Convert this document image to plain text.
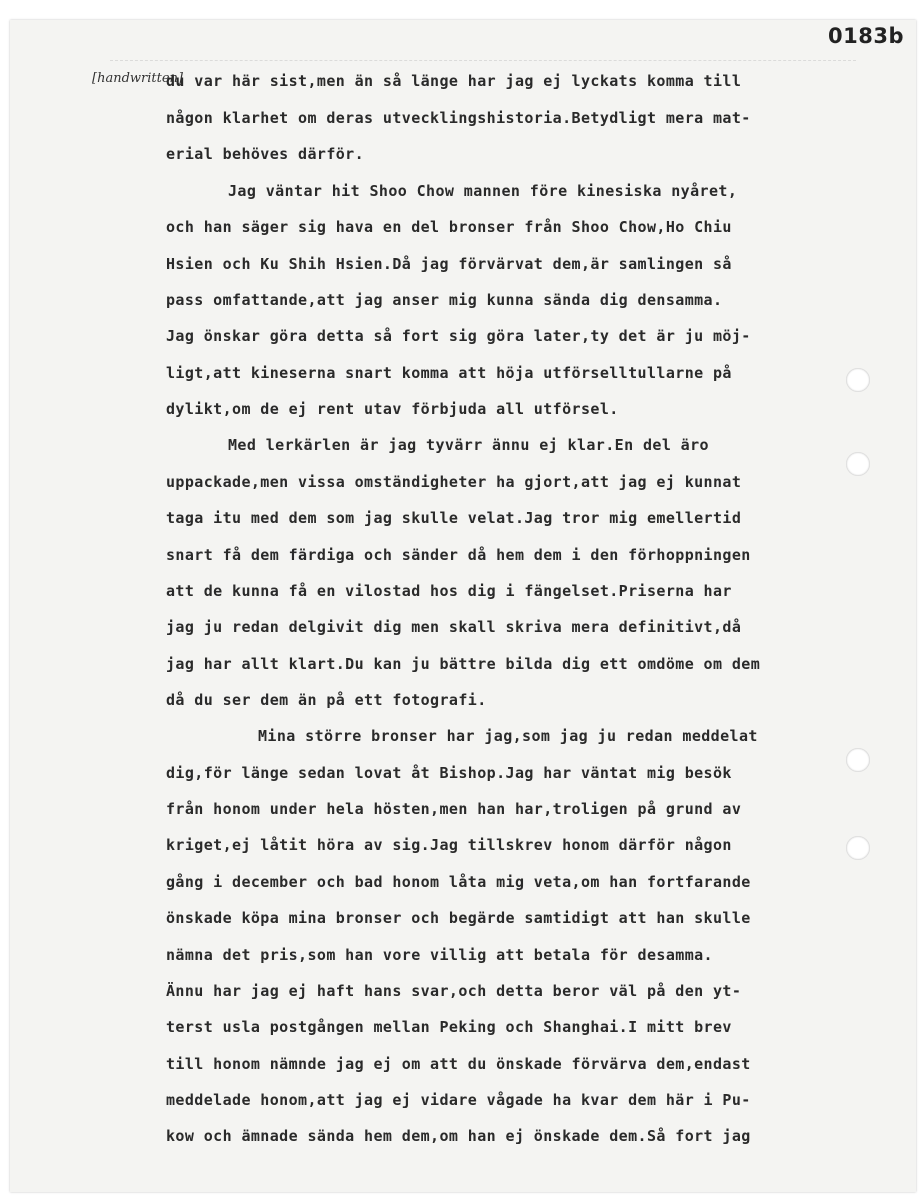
0183b
[handwritten]
du var här sist,men än så länge har jag ej lyckats komma till
någon klarhet om deras utvecklingshistoria.Betydligt mera mat-
erial behöves därför.
Jag väntar hit Shoo Chow mannen före kinesiska nyåret,
och han säger sig hava en del bronser från Shoo Chow,Ho Chiu
Hsien och Ku Shih Hsien.Då jag förvärvat dem,är samlingen så
pass omfattande,att jag anser mig kunna sända dig densamma.
Jag önskar göra detta så fort sig göra later,ty det är ju möj-
ligt,att kineserna snart komma att höja utförselltullarne på
dylikt,om de ej rent utav förbjuda all utförsel.
Med lerkärlen är jag tyvärr ännu ej klar.En del äro
uppackade,men vissa omständigheter ha gjort,att jag ej kunnat
taga itu med dem som jag skulle velat.Jag tror mig emellertid
snart få dem färdiga och sänder då hem dem i den förhoppningen
att de kunna få en vilostad hos dig i fängelset.Priserna har
jag ju redan delgivit dig men skall skriva mera definitivt,då
jag har allt klart.Du kan ju bättre bilda dig ett omdöme om dem
då du ser dem än på ett fotografi.
Mina större bronser har jag,som jag ju redan meddelat
dig,för länge sedan lovat åt Bishop.Jag har väntat mig besök
från honom under hela hösten,men han har,troligen på grund av
kriget,ej låtit höra av sig.Jag tillskrev honom därför någon
gång i december och bad honom låta mig veta,om han fortfarande
önskade köpa mina bronser och begärde samtidigt att han skulle
nämna det pris,som han vore villig att betala för desamma.
Ännu har jag ej haft hans svar,och detta beror väl på den yt-
terst usla postgången mellan Peking och Shanghai.I mitt brev
till honom nämnde jag ej om att du önskade förvärva dem,endast
meddelade honom,att jag ej vidare vågade ha kvar dem här i Pu-
kow och ämnade sända hem dem,om han ej önskade dem.Så fort jag
